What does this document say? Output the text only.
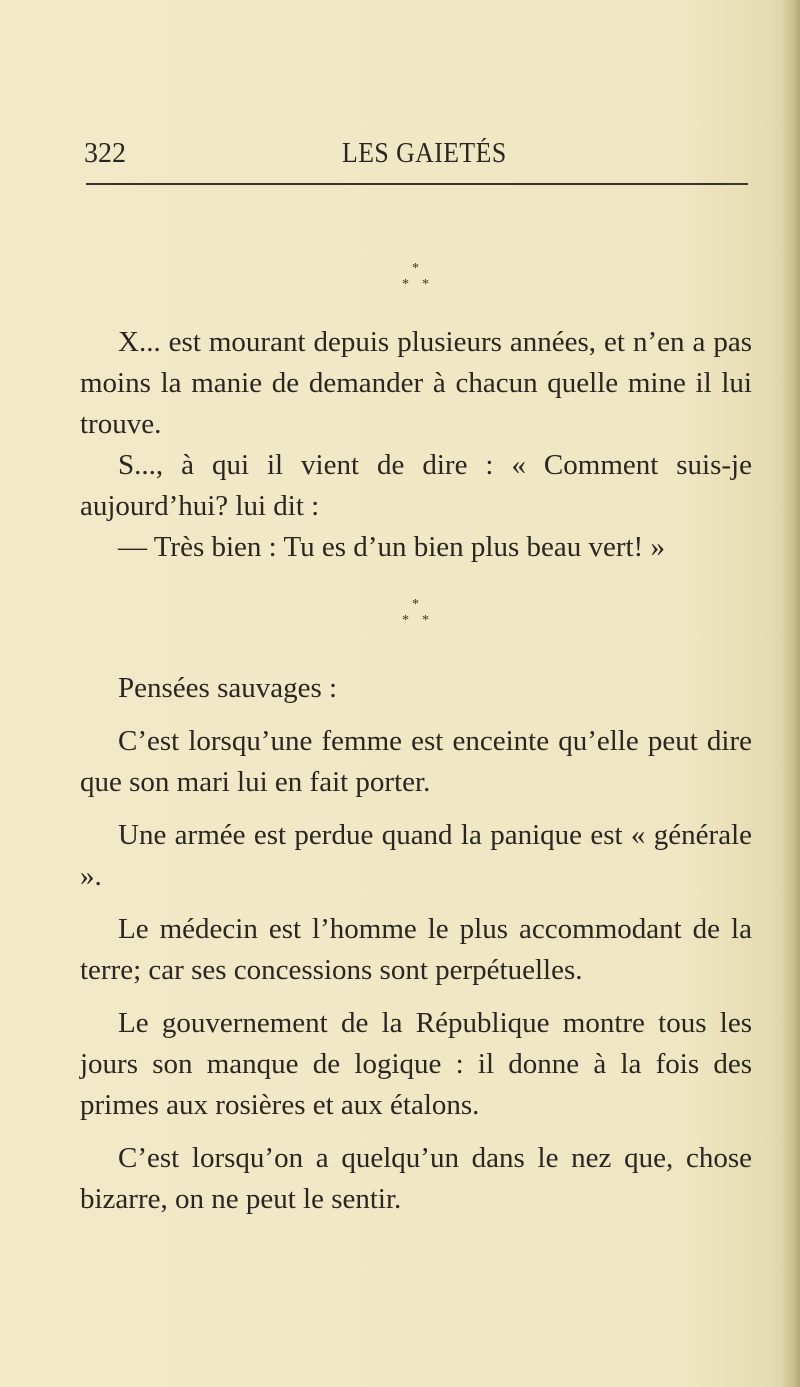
322	LES GAIETÉS
*
* *

X... est mourant depuis plusieurs années, et n’en a pas moins la manie de demander à chacun quelle mine il lui trouve.

S..., à qui il vient de dire : « Comment suis-je aujourd’hui? lui dit :

— Très bien : Tu es d’un bien plus beau vert! »

*
* *

Pensées sauvages :

C’est lorsqu’une femme est enceinte qu’elle peut dire que son mari lui en fait porter.

Une armée est perdue quand la panique est « générale ».

Le médecin est l’homme le plus accommodant de la terre; car ses concessions sont perpétuelles.

Le gouvernement de la République montre tous les jours son manque de logique : il donne à la fois des primes aux rosières et aux étalons.

C’est lorsqu’on a quelqu’un dans le nez que, chose bizarre, on ne peut le sentir.
